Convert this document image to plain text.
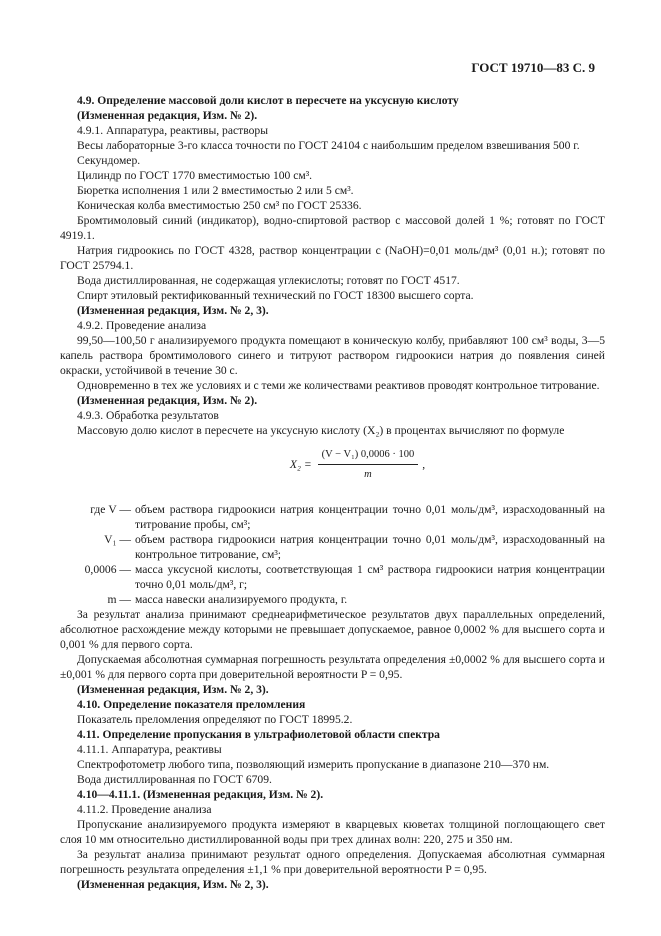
ГОСТ 19710—83 С. 9

4.9. Определение массовой доли кислот в пересчете на уксусную кислоту

(Измененная редакция, Изм. № 2).

4.9.1. Аппаратура, реактивы, растворы

Весы лабораторные 3-го класса точности по ГОСТ 24104 с наибольшим пределом взвешивания 500 г.

Секундомер.

Цилиндр по ГОСТ 1770 вместимостью 100 см³.

Бюретка исполнения 1 или 2 вместимостью 2 или 5 см³.

Коническая колба вместимостью 250 см³ по ГОСТ 25336.

Бромтимоловый синий (индикатор), водно-спиртовой раствор с массовой долей 1 %; готовят по ГОСТ 4919.1.

Натрия гидроокись по ГОСТ 4328, раствор концентрации c (NaOH)=0,01 моль/дм³ (0,01 н.); готовят по ГОСТ 25794.1.

Вода дистиллированная, не содержащая углекислоты; готовят по ГОСТ 4517.

Спирт этиловый ректификованный технический по ГОСТ 18300 высшего сорта.

(Измененная редакция, Изм. № 2, 3).

4.9.2. Проведение анализа

99,50—100,50 г анализируемого продукта помещают в коническую колбу, прибавляют 100 см³ воды, 3—5 капель раствора бромтимолового синего и титруют раствором гидроокиси натрия до появления синей окраски, устойчивой в течение 30 с.

Одновременно в тех же условиях и с теми же количествами реактивов проводят контрольное титрование.

(Измененная редакция, Изм. № 2).

4.9.3. Обработка результатов

Массовую долю кислот в пересчете на уксусную кислоту (X₂) в процентах вычисляют по формуле

$X_2 = \frac{\text{(V − V₁) 0,0006 · 100}}{m}$ ,
где V — объем раствора гидроокиси натрия концентрации точно 0,01 моль/дм³, израсходованный на титрование пробы, см³;
V₁ — объем раствора гидроокиси натрия концентрации точно 0,01 моль/дм³, израсходованный на контрольное титрование, см³;
0,0006 — масса уксусной кислоты, соответствующая 1 см³ раствора гидроокиси натрия концентрации точно 0,01 моль/дм³, г;
m — масса навески анализируемого продукта, г.

За результат анализа принимают среднеарифметическое результатов двух параллельных определений, абсолютное расхождение между которыми не превышает допускаемое, равное 0,0002 % для высшего сорта и 0,001 % для первого сорта.

Допускаемая абсолютная суммарная погрешность результата определения ±0,0002 % для высшего сорта и ±0,001 % для первого сорта при доверительной вероятности P = 0,95.

(Измененная редакция, Изм. № 2, 3).

4.10. Определение показателя преломления

Показатель преломления определяют по ГОСТ 18995.2.

4.11. Определение пропускания в ультрафиолетовой области спектра

4.11.1. Аппаратура, реактивы

Спектрофотометр любого типа, позволяющий измерить пропускание в диапазоне 210—370 нм.

Вода дистиллированная по ГОСТ 6709.

4.10—4.11.1. (Измененная редакция, Изм. № 2).

4.11.2. Проведение анализа

Пропускание анализируемого продукта измеряют в кварцевых кюветах толщиной поглощающего свет слоя 10 мм относительно дистиллированной воды при трех длинах волн: 220, 275 и 350 нм.

За результат анализа принимают результат одного определения. Допускаемая абсолютная суммарная погрешность результата определения ±1,1 % при доверительной вероятности P = 0,95.

(Измененная редакция, Изм. № 2, 3).
